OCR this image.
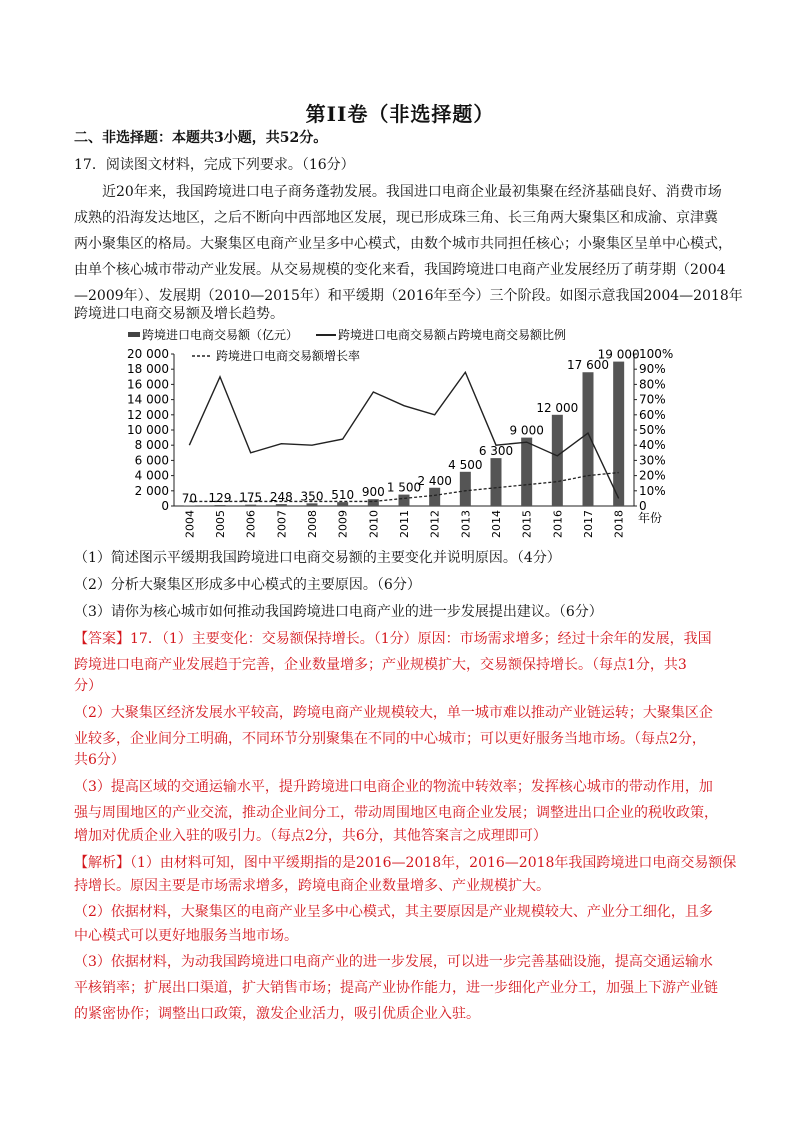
第II卷（非选择题）
二、非选择题：本题共3小题，共52分。
17．阅读图文材料，完成下列要求。（16分）
近20年来，我国跨境进口电子商务蓬勃发展。我国进口电商企业最初集聚在经济基础良好、消费市场
成熟的沿海发达地区，之后不断向中西部地区发展，现已形成珠三角、长三角两大聚集区和成渝、京津冀
两小聚集区的格局。大聚集区电商产业呈多中心模式，由数个城市共同担任核心；小聚集区呈单中心模式，
由单个核心城市带动产业发展。从交易规模的变化来看，我国跨境进口电商产业发展经历了萌芽期（2004
—2009年）、发展期（2010—2015年）和平缓期（2016年至今）三个阶段。如图示意我国2004—2018年
跨境进口电商交易额及增长趋势。
跨境进口电商交易额（亿元）	跨境进口电商交易额占跨境电商交易额比例
跨境进口电商交易额增长率
0
2 000
4 000
6 000
8 000
10 000
12 000
14 000
16 000
18 000
20 000
0
10%
20%
30%
40%
50%
60%
70%
80%
90%
100%
70
2004
129
2005
175
2006
248
2007
350
2008
510
2009
900
2010
1 500
2011
2 400
2012
4 500
2013
6 300
2014
9 000
2015
12 000
2016
17 600
2017
19 000
2018 年份
（1）简述图示平缓期我国跨境进口电商交易额的主要变化并说明原因。（4分）
（2）分析大聚集区形成多中心模式的主要原因。（6分）
（3）请你为核心城市如何推动我国跨境进口电商产业的进一步发展提出建议。（6分）
【答案】17．（1）主要变化：交易额保持增长。（1分）原因：市场需求增多；经过十余年的发展，我国
跨境进口电商产业发展趋于完善，企业数量增多；产业规模扩大，交易额保持增长。（每点1分，共3
分）
（2）大聚集区经济发展水平较高，跨境电商产业规模较大，单一城市难以推动产业链运转；大聚集区企
业较多，企业间分工明确，不同环节分别聚集在不同的中心城市；可以更好服务当地市场。（每点2分，
共6分）
（3）提高区域的交通运输水平，提升跨境进口电商企业的物流中转效率；发挥核心城市的带动作用，加
强与周围地区的产业交流，推动企业间分工，带动周围地区电商企业发展；调整进出口企业的税收政策，
增加对优质企业入驻的吸引力。（每点2分，共6分，其他答案言之成理即可）
【解析】（1）由材料可知，图中平缓期指的是2016—2018年，2016—2018年我国跨境进口电商交易额保
持增长。原因主要是市场需求增多，跨境电商企业数量增多、产业规模扩大。
（2）依据材料，大聚集区的电商产业呈多中心模式，其主要原因是产业规模较大、产业分工细化，且多
中心模式可以更好地服务当地市场。
（3）依据材料，为动我国跨境进口电商产业的进一步发展，可以进一步完善基础设施，提高交通运输水
平核销率；扩展出口渠道，扩大销售市场；提高产业协作能力，进一步细化产业分工，加强上下游产业链
的紧密协作；调整出口政策，激发企业活力，吸引优质企业入驻。
